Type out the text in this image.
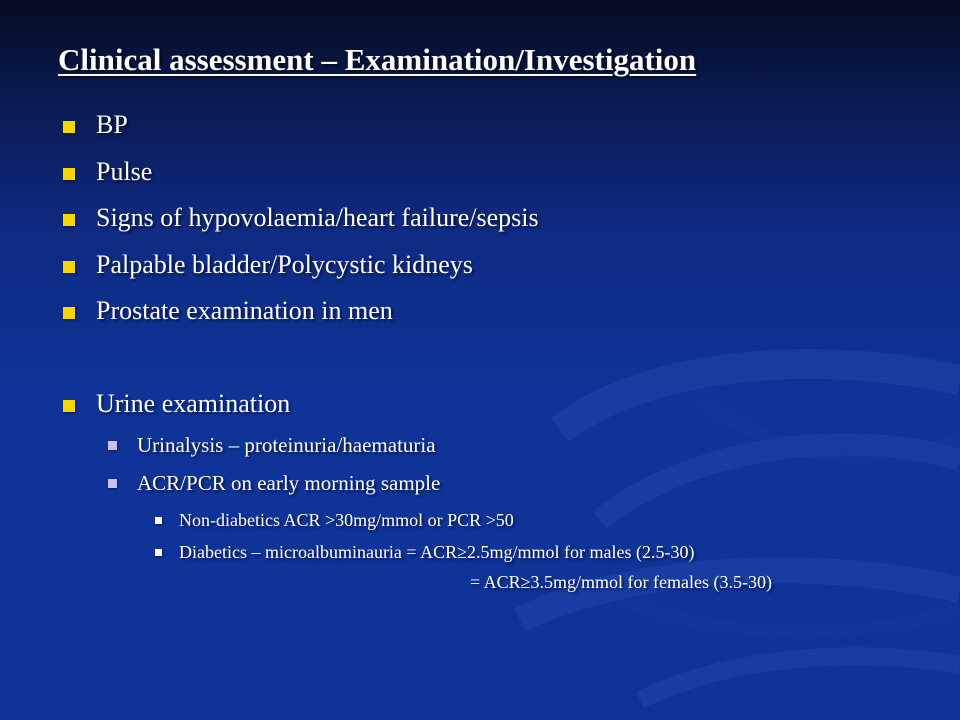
Clinical assessment – Examination/Investigation
BP
Pulse
Signs of hypovolaemia/heart failure/sepsis
Palpable bladder/Polycystic kidneys
Prostate examination in men
Urine examination
Urinalysis – proteinuria/haematuria
ACR/PCR on early morning sample
Non-diabetics ACR >30mg/mmol or PCR >50
Diabetics – microalbuminauria = ACR≥2.5mg/mmol for males (2.5-30)
= ACR≥3.5mg/mmol for females (3.5-30)
